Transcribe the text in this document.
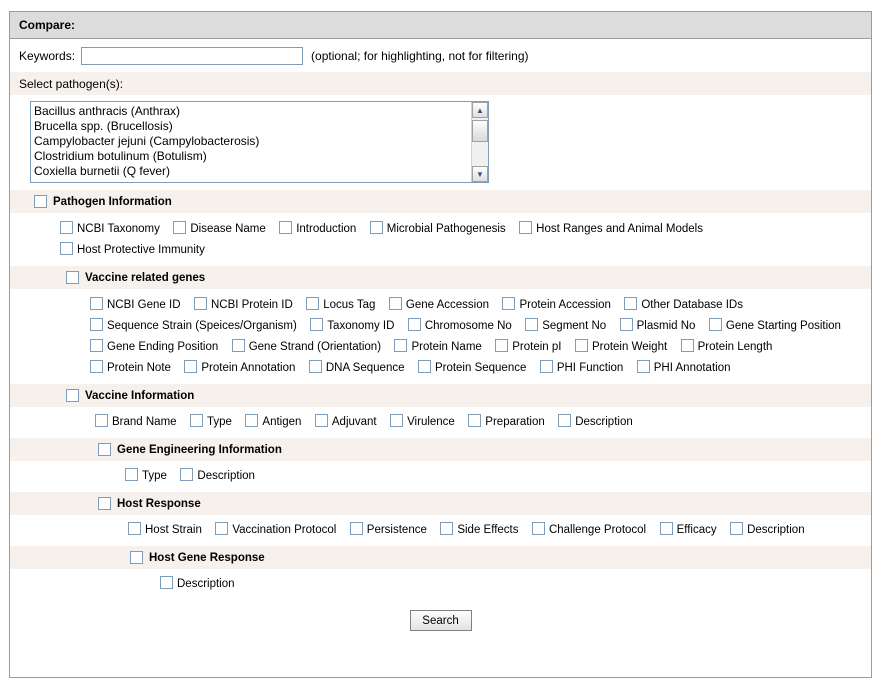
Compare:
Keywords:	(optional; for highlighting, not for filtering)
Select pathogen(s):
Bacillus anthracis (Anthrax)
Brucella spp. (Brucellosis)
Campylobacter jejuni (Campylobacterosis)
Clostridium botulinum (Botulism)
Coxiella burnetii (Q fever)
▲
▼
Pathogen Information
NCBI Taxonomy	Disease Name	Introduction	Microbial Pathogenesis	Host Ranges and Animal Models
Host Protective Immunity
Vaccine related genes
NCBI Gene ID	NCBI Protein ID	Locus Tag	Gene Accession	Protein Accession	Other Database IDs Sequence Strain (Speices/Organism)	Taxonomy ID	Chromosome No	Segment No	Plasmid No	Gene Starting Position Gene Ending Position	Gene Strand (Orientation)	Protein Name	Protein pI	Protein Weight	Protein Length Protein Note	Protein Annotation	DNA Sequence	Protein Sequence	PHI Function	PHI Annotation
Vaccine Information
Brand Name	Type	Antigen	Adjuvant	Virulence	Preparation	Description
Gene Engineering Information
Type	Description
Host Response
Host Strain	Vaccination Protocol	Persistence	Side Effects	Challenge Protocol	Efficacy	Description
Host Gene Response
Description
Search
